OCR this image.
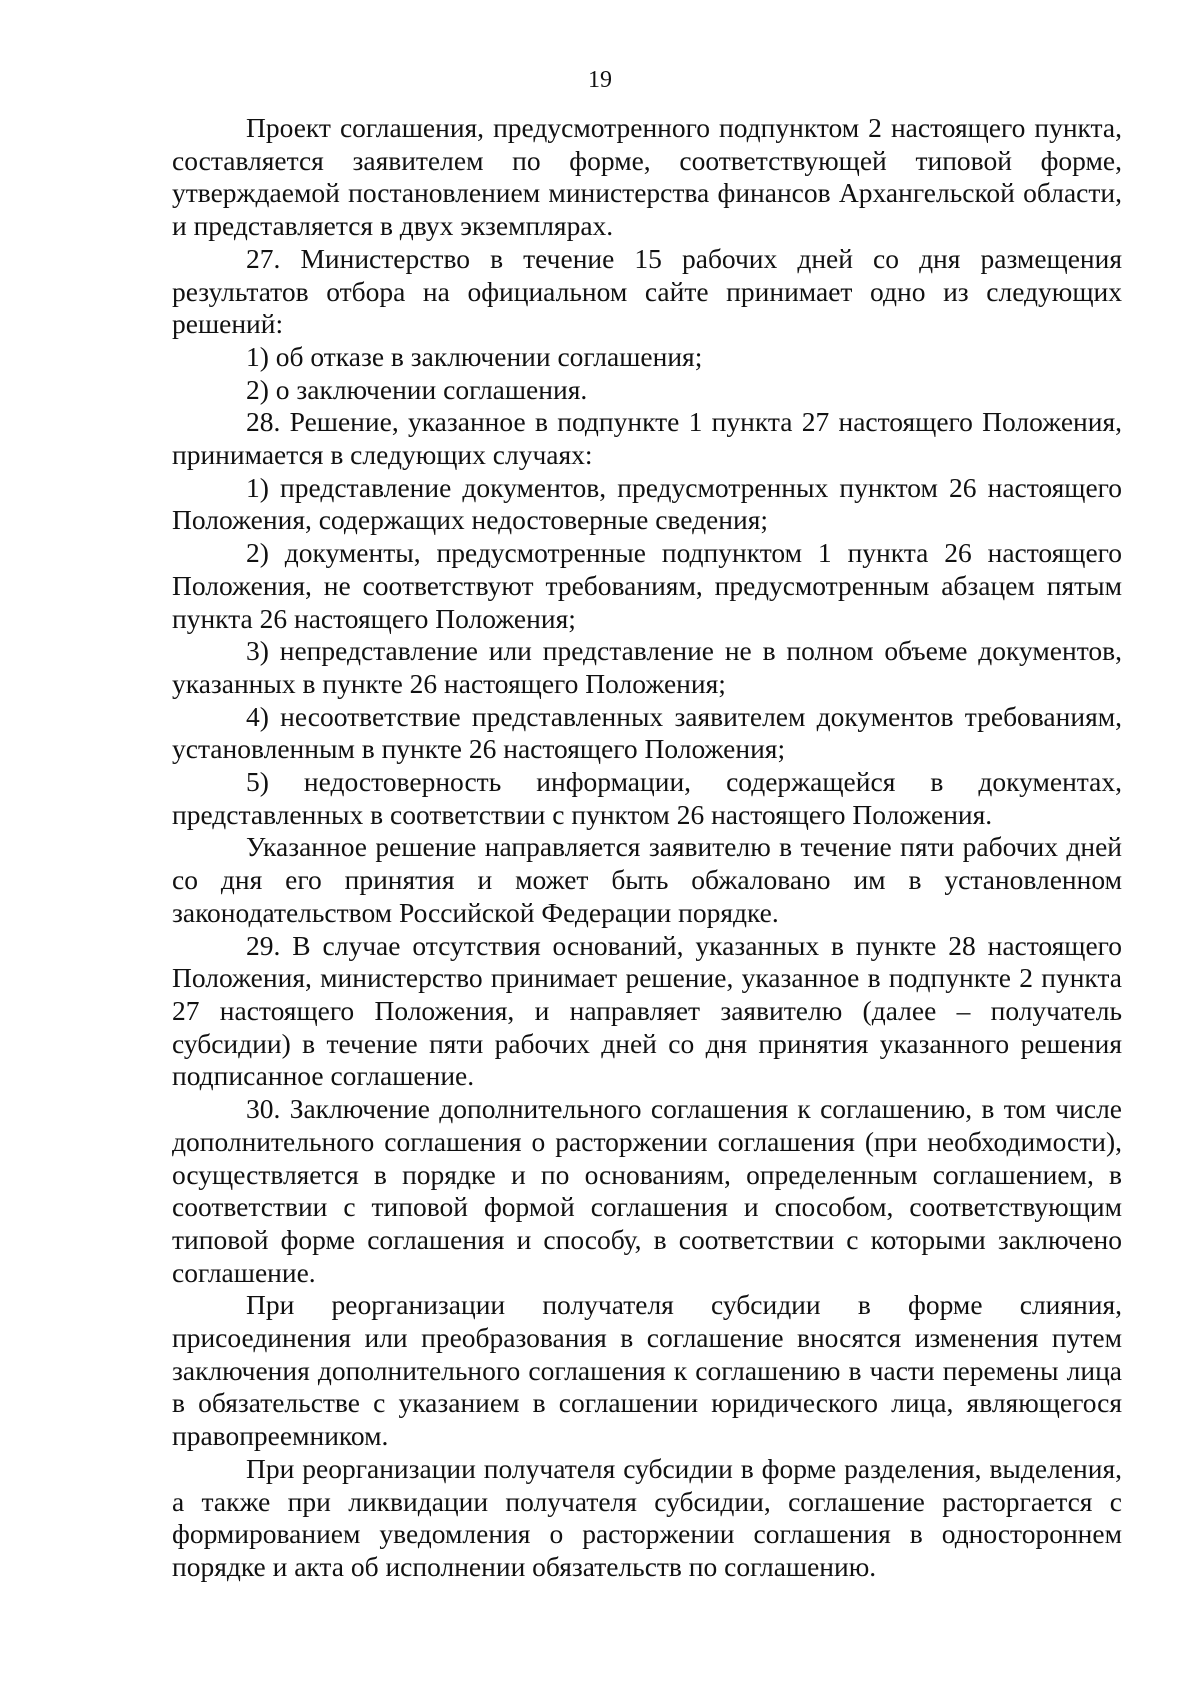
19

Проект соглашения, предусмотренного подпунктом 2 настоящего пункта, составляется заявителем по форме, соответствующей типовой форме, утверждаемой постановлением министерства финансов Архангельской области, и представляется в двух экземплярах.

27. Министерство в течение 15 рабочих дней со дня размещения результатов отбора на официальном сайте принимает одно из следующих решений:

1) об отказе в заключении соглашения;

2) о заключении соглашения.

28. Решение, указанное в подпункте 1 пункта 27 настоящего Положения, принимается в следующих случаях:

1) представление документов, предусмотренных пунктом 26 настоящего Положения, содержащих недостоверные сведения;

2) документы, предусмотренные подпунктом 1 пункта 26 настоящего Положения, не соответствуют требованиям, предусмотренным абзацем пятым пункта 26 настоящего Положения;

3) непредставление или представление не в полном объеме документов, указанных в пункте 26 настоящего Положения;

4) несоответствие представленных заявителем документов требованиям, установленным в пункте 26 настоящего Положения;

5) недостоверность информации, содержащейся в документах, представленных в соответствии с пунктом 26 настоящего Положения.

Указанное решение направляется заявителю в течение пяти рабочих дней со дня его принятия и может быть обжаловано им в установленном законодательством Российской Федерации порядке.

29. В случае отсутствия оснований, указанных в пункте 28 настоящего Положения, министерство принимает решение, указанное в подпункте 2 пункта 27 настоящего Положения, и направляет заявителю (далее – получатель субсидии) в течение пяти рабочих дней со дня принятия указанного решения подписанное соглашение.

30. Заключение дополнительного соглашения к соглашению, в том числе дополнительного соглашения о расторжении соглашения (при необходимости), осуществляется в порядке и по основаниям, определенным соглашением, в соответствии с типовой формой соглашения и способом, соответствующим типовой форме соглашения и способу, в соответствии с которыми заключено соглашение.

При реорганизации получателя субсидии в форме слияния, присоединения или преобразования в соглашение вносятся изменения путем заключения дополнительного соглашения к соглашению в части перемены лица в обязательстве с указанием в соглашении юридического лица, являющегося правопреемником.

При реорганизации получателя субсидии в форме разделения, выделения, а также при ликвидации получателя субсидии, соглашение расторгается с формированием уведомления о расторжении соглашения в одностороннем порядке и акта об исполнении обязательств по соглашению.
